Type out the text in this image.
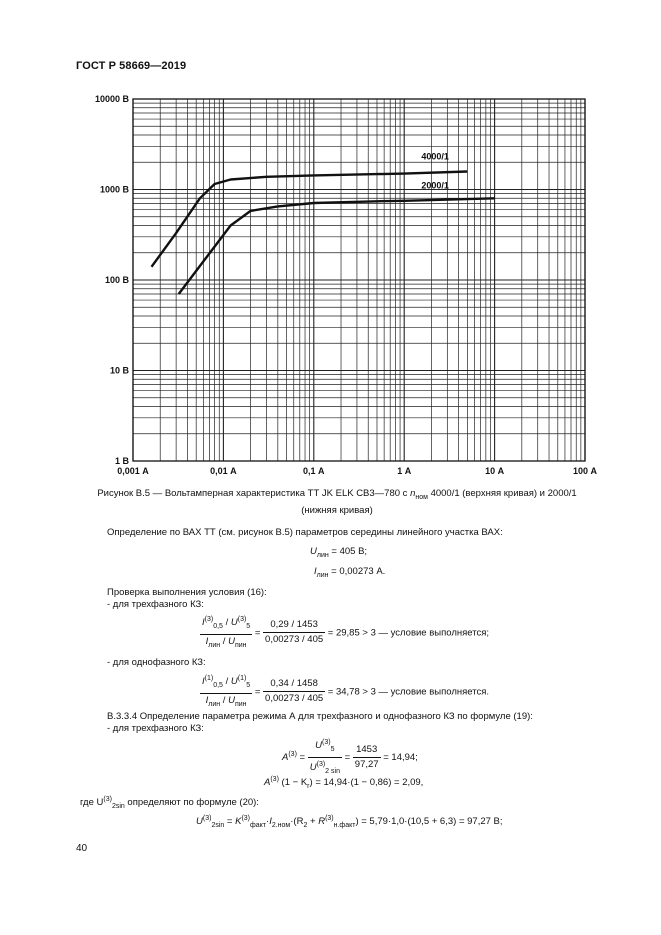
ГОСТ Р 58669—2019
0,001 А	0,01 А	0,1 А	1 А	10 А	100 А
1 В
10 В
100 В
1000 В
10000 В
4000/1
2000/1
Рисунок В.5 — Вольтамперная характеристика ТТ JK ELK CB3—780 с $n_{ном}$ 4000/1 (верхняя кривая) и 2000/1
(нижняя кривая)
Определение по ВАХ ТТ (см. рисунок В.5) параметров середины линейного участка ВАХ:
$U_{лин} = 405$ В;
$I_{лин} = 0,00273$ А.
Проверка выполнения условия (16):
- для трехфазного КЗ:
$\frac{I^{(3)}_{0,5} / U^{(3)}_5}{I_{лин} / U_{пин}} = \frac{0,29 / 1453}{0,00273 / 405} = 29,85 > 3$ — условие выполняется;
- для однофазного КЗ:
$\frac{I^{(1)}_{0,5} / U^{(1)}_5}{I_{лин} / U_{пин}} = \frac{0,34 / 1458}{0,00273 / 405} = 34,78 > 3$ — условие выполняется.
В.3.3.4 Определение параметра режима А для трехфазного и однофазного КЗ по формуле (19):
- для трехфазного КЗ:
$A^{(3)} = \frac{U^{(3)}_5}{U^{(3)}_{2 sin}} = \frac{1453}{97,27} = 14,94$;
$A^{(3)}$ $(1 - K_r) = 14,94\cdot(1 - 0,86) = 2,09$,
где $U^{(3)}_{2sin}$ определяют по формуле (20):
$U^{(3)}_{2sin} = K^{(3)}_{факт}\cdot I_{2.ном}\cdot(R_2 + R^{(3)}_{н.факт}) = 5,79\cdot 1,0\cdot(10,5 + 6,3) = 97,27$ В;
40
